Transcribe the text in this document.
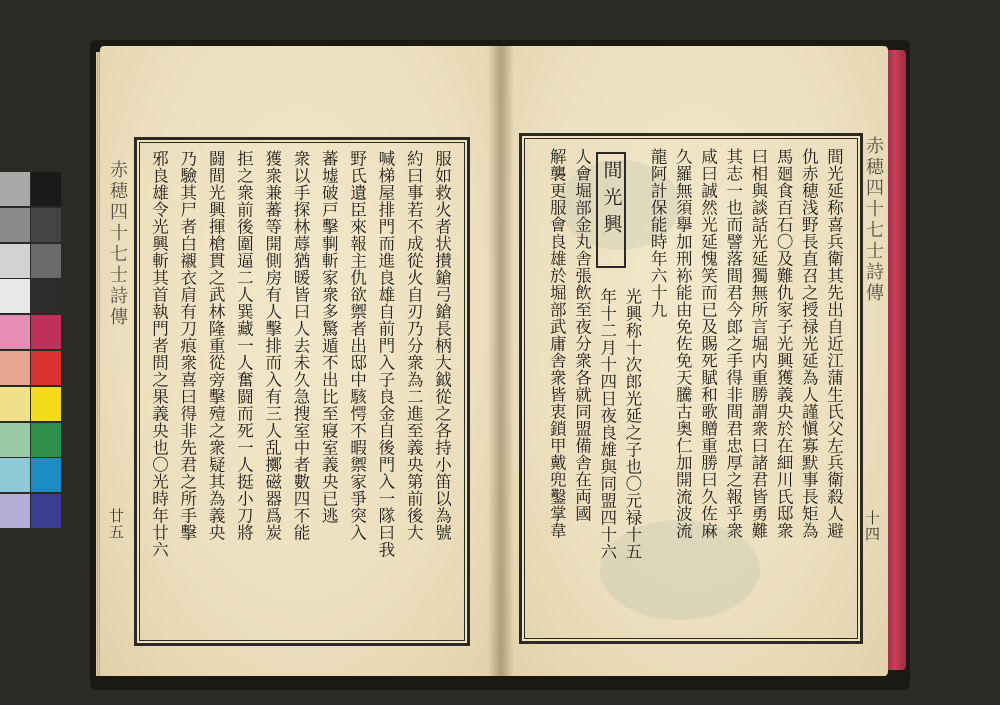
赤穂四十七士詩傳
廿五	服如救火者状攅鎗弓鎗長柄大鉞從之各持小笛以為號
約曰事若不成從火自刃乃分衆為二進至義央第前後大
喊梯屋排門而進良雄自前門入子良金自後門入一隊曰我
野氏遺臣來報主仇欲禦者出邸中駭愕不暇禦家爭突入
蕃墟破戸擊剚斬家衆多驚遁不出比至寢室義央已逃
衆以手探林蓐猶暖皆曰人去未久急搜室中者數四不能
獲衆兼蕃等開側房有人擊排而入有三人乱擲磁器爲炭
拒之衆前後圍逼二人巽藏一人奮闘而死一人挺小刀將
闘間光興揮槍貫之武林隆重從旁擊殪之衆疑其為義央
乃驗其尸者白襯衣肩有刀痕衆喜曰得非先君之所手擊
邪良雄令光興斬其首執門者問之果義央也〇光時年廿六	赤穂四十七士詩傳
十四
間光興	間光延称喜兵衛其先出自近江蒲生氏父左兵衛殺人避
仇赤穂浅野長直召之授禄光延為人謹愼寡默事長矩為
馬廻食百石〇及難仇家子光興獲義央於在細川氏邸衆
曰相與談話光延獨無所言堀内重勝謂衆曰諸君皆勇難
其志一也而譬落間君今郎之手得非間君忠厚之報乎衆
咸曰誠然光延愧笑而已及賜死賦和歌贈重勝曰久佐麻
久羅無須擧加刑袮能由免佐免天騰古奥仁加開流波流
龍阿計保能時年六十九
光興称十次郎光延之子也〇元禄十五
年十二月十四日夜良雄與同盟四十六
人會堀部金丸舎張飲至夜分衆各就同盟備舎在両國
解襲更服會良雄於堀部武庸舎衆皆衷鎖甲戴兜鑿掌韋
